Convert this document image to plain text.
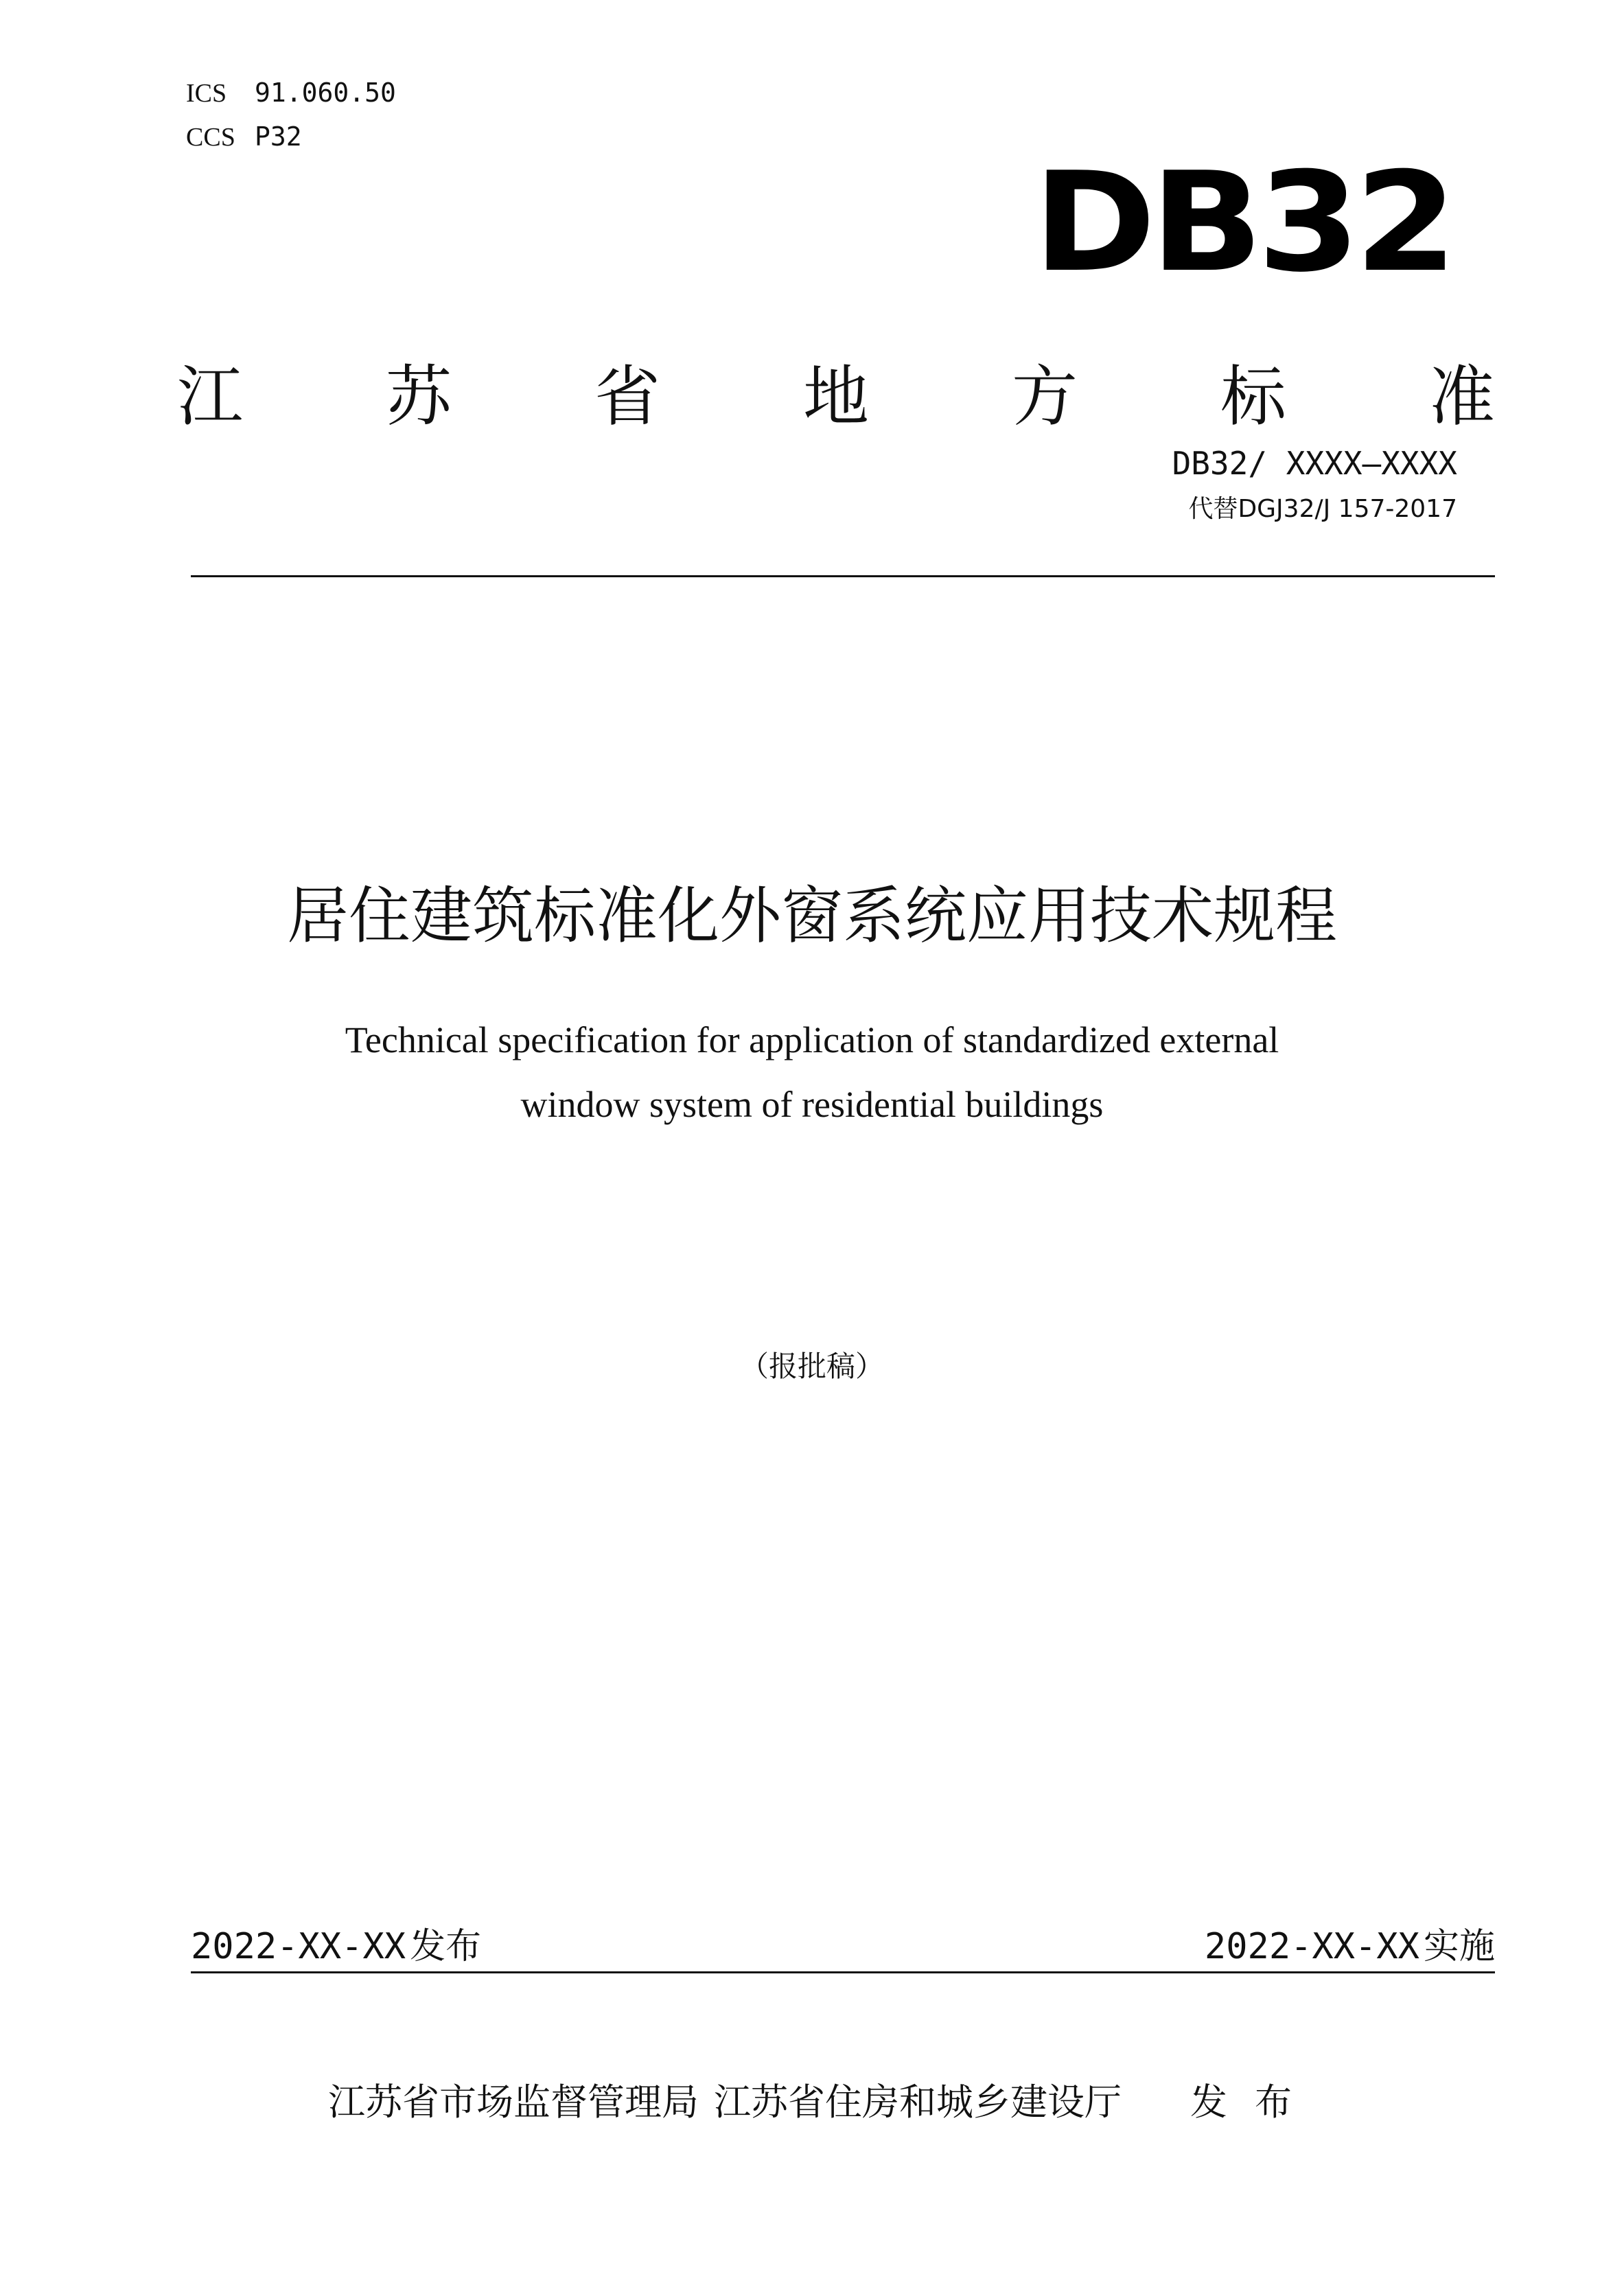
ICS 91.060.50
CCS P32
DB32
江 苏 省 地 方 标 准
DB32/ XXXX—XXXX
代替DGJ32/J 157-2017
居住建筑标准化外窗系统应用技术规程
Technical specification for application of standardized external
window system of residential buildings
（报批稿）
2022-XX-XX 发布	2022-XX-XX 实施
江苏省市场监督管理局 江苏省住房和城乡建设厅 发布
